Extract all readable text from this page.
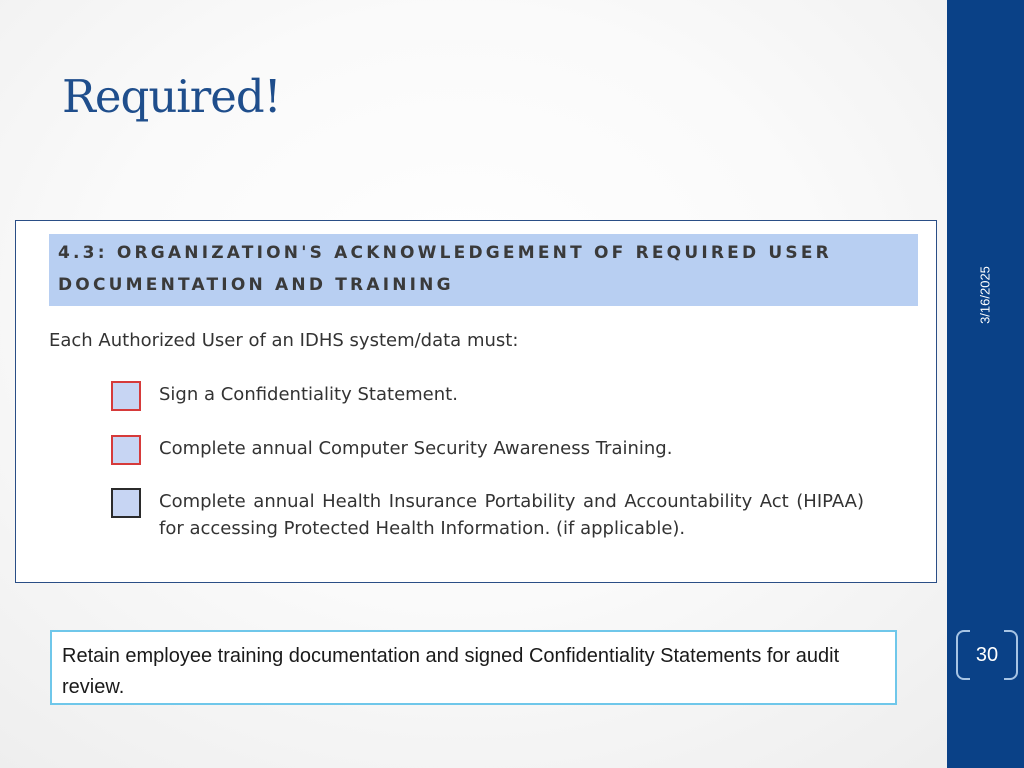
Required!
3/16/2025
30
4.3: ORGANIZATION'S ACKNOWLEDGEMENT OF REQUIRED USER
DOCUMENTATION AND TRAINING
Each Authorized User of an IDHS system/data must:
Sign a Confidentiality Statement.
Complete annual Computer Security Awareness Training.
Complete annual Health Insurance Portability and Accountability Act (HIPAA) for accessing Protected Health Information. (if applicable).
Retain employee training documentation and signed Confidentiality Statements for audit review.
